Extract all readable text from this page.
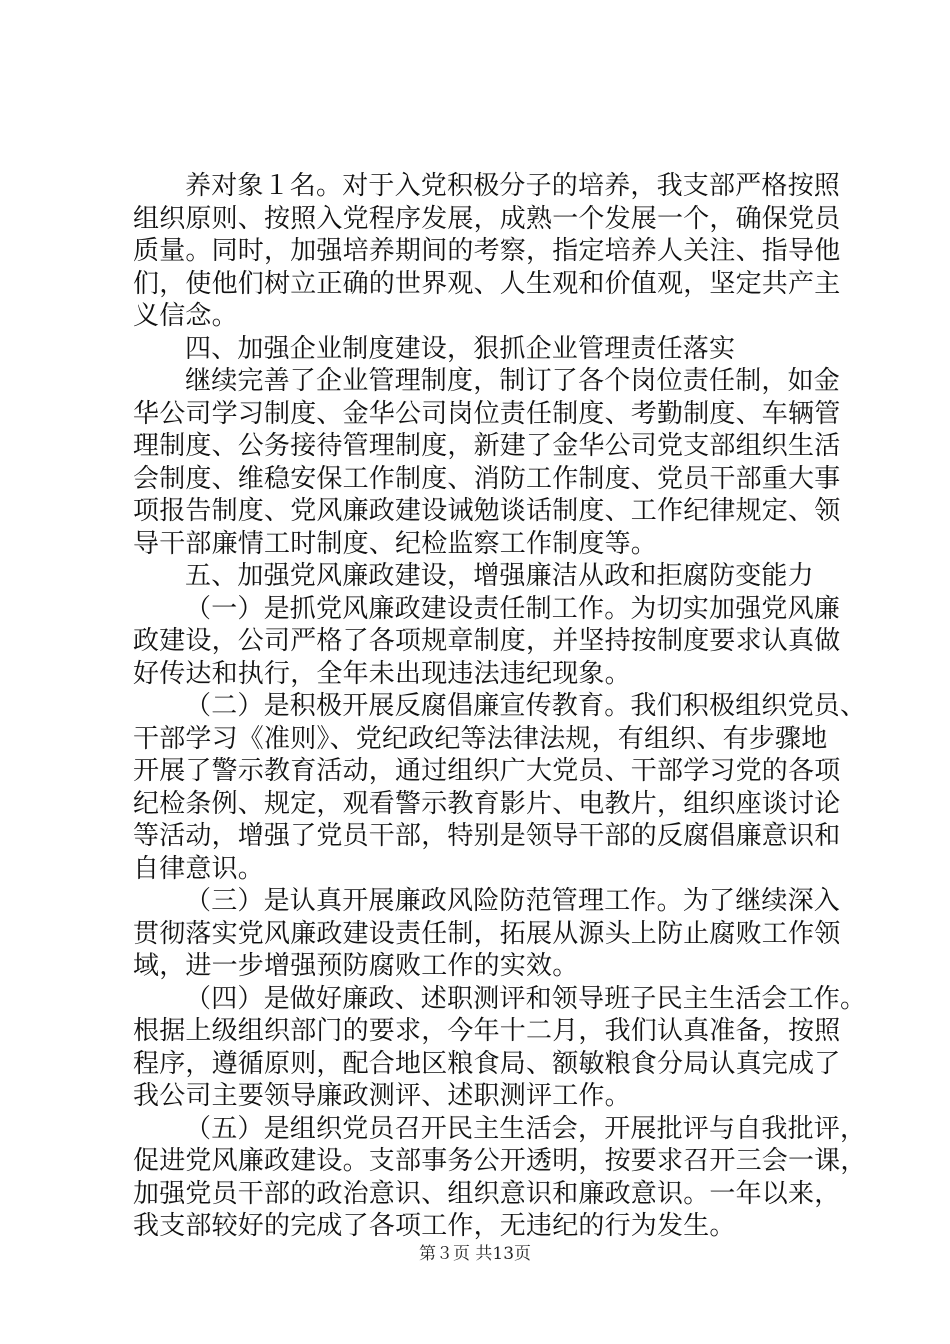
养对象１名。对于入党积极分子的培养，我支部严格按照
组织原则、按照入党程序发展，成熟一个发展一个，确保党员
质量。同时，加强培养期间的考察，指定培养人关注、指导他
们，使他们树立正确的世界观、人生观和价值观，坚定共产主
义信念。
四、加强企业制度建设，狠抓企业管理责任落实
继续完善了企业管理制度，制订了各个岗位责任制，如金
华公司学习制度、金华公司岗位责任制度、考勤制度、车辆管
理制度、公务接待管理制度，新建了金华公司党支部组织生活
会制度、维稳安保工作制度、消防工作制度、党员干部重大事
项报告制度、党风廉政建设诫勉谈话制度、工作纪律规定、领
导干部廉情工时制度、纪检监察工作制度等。
五、加强党风廉政建设，增强廉洁从政和拒腐防变能力
（一）是抓党风廉政建设责任制工作。为切实加强党风廉
政建设，公司严格了各项规章制度，并坚持按制度要求认真做
好传达和执行，全年未出现违法违纪现象。
（二）是积极开展反腐倡廉宣传教育。我们积极组织党员、
干部学习《准则》、党纪政纪等法律法规，有组织、有步骤地
开展了警示教育活动，通过组织广大党员、干部学习党的各项
纪检条例、规定，观看警示教育影片、电教片，组织座谈讨论
等活动，增强了党员干部，特别是领导干部的反腐倡廉意识和
自律意识。
（三）是认真开展廉政风险防范管理工作。为了继续深入
贯彻落实党风廉政建设责任制，拓展从源头上防止腐败工作领
域，进一步增强预防腐败工作的实效。
（四）是做好廉政、述职测评和领导班子民主生活会工作。
根据上级组织部门的要求，今年十二月，我们认真准备，按照
程序，遵循原则，配合地区粮食局、额敏粮食分局认真完成了
我公司主要领导廉政测评、述职测评工作。
（五）是组织党员召开民主生活会，开展批评与自我批评，
促进党风廉政建设。支部事务公开透明，按要求召开三会一课，
加强党员干部的政治意识、组织意识和廉政意识。一年以来，
我支部较好的完成了各项工作，无违纪的行为发生。
第３页 共13页
